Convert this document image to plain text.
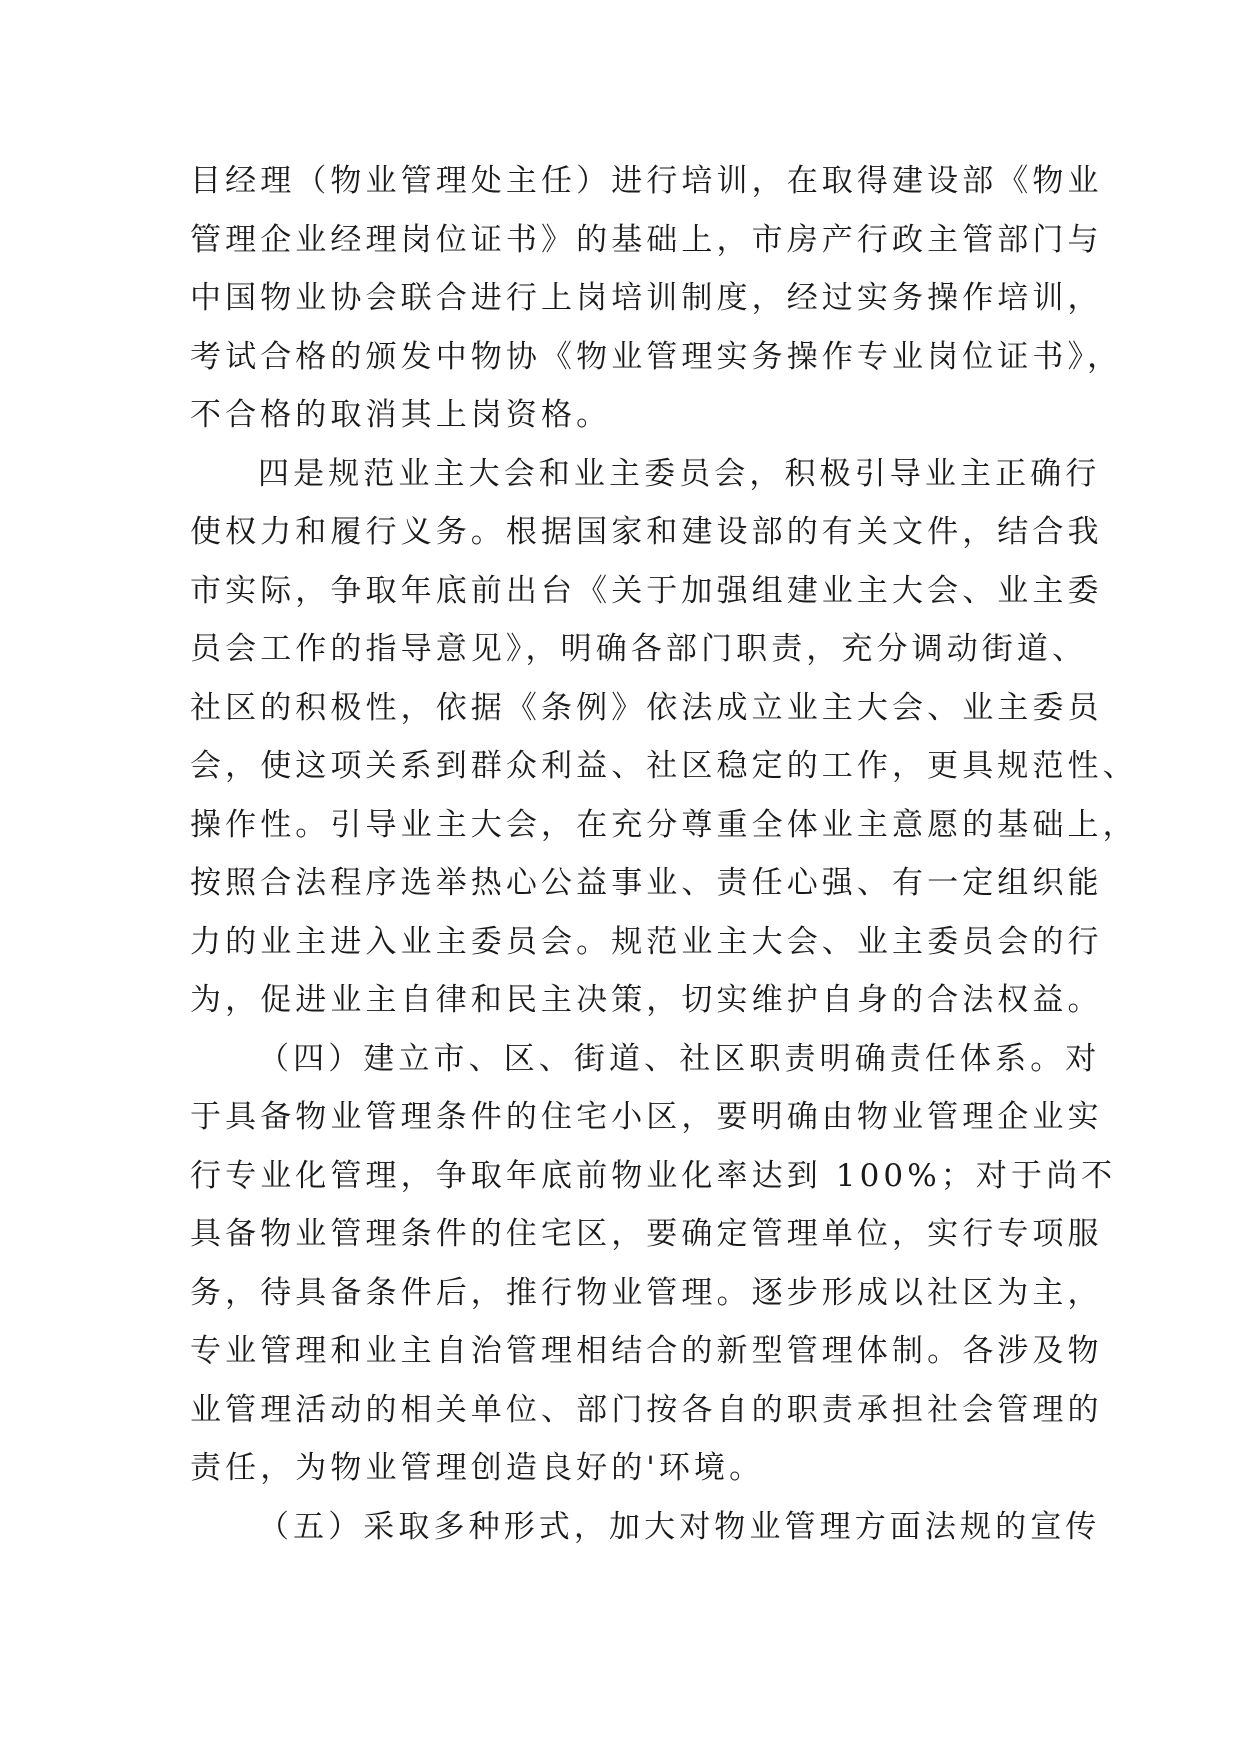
目经理（物业管理处主任）进行培训，在取得建设部《物业
管理企业经理岗位证书》的基础上，市房产行政主管部门与
中国物业协会联合进行上岗培训制度，经过实务操作培训，
考试合格的颁发中物协《物业管理实务操作专业岗位证书》，
不合格的取消其上岗资格。
四是规范业主大会和业主委员会，积极引导业主正确行
使权力和履行义务。根据国家和建设部的有关文件，结合我
市实际，争取年底前出台《关于加强组建业主大会、业主委
员会工作的指导意见》，明确各部门职责，充分调动街道、
社区的积极性，依据《条例》依法成立业主大会、业主委员
会，使这项关系到群众利益、社区稳定的工作，更具规范性、
操作性。引导业主大会，在充分尊重全体业主意愿的基础上，
按照合法程序选举热心公益事业、责任心强、有一定组织能
力的业主进入业主委员会。规范业主大会、业主委员会的行
为，促进业主自律和民主决策，切实维护自身的合法权益。
（四）建立市、区、街道、社区职责明确责任体系。对
于具备物业管理条件的住宅小区，要明确由物业管理企业实
行专业化管理，争取年底前物业化率达到 100%；对于尚不
具备物业管理条件的住宅区，要确定管理单位，实行专项服
务，待具备条件后，推行物业管理。逐步形成以社区为主，
专业管理和业主自治管理相结合的新型管理体制。各涉及物
业管理活动的相关单位、部门按各自的职责承担社会管理的
责任，为物业管理创造良好的'环境。
（五）采取多种形式，加大对物业管理方面法规的宣传
